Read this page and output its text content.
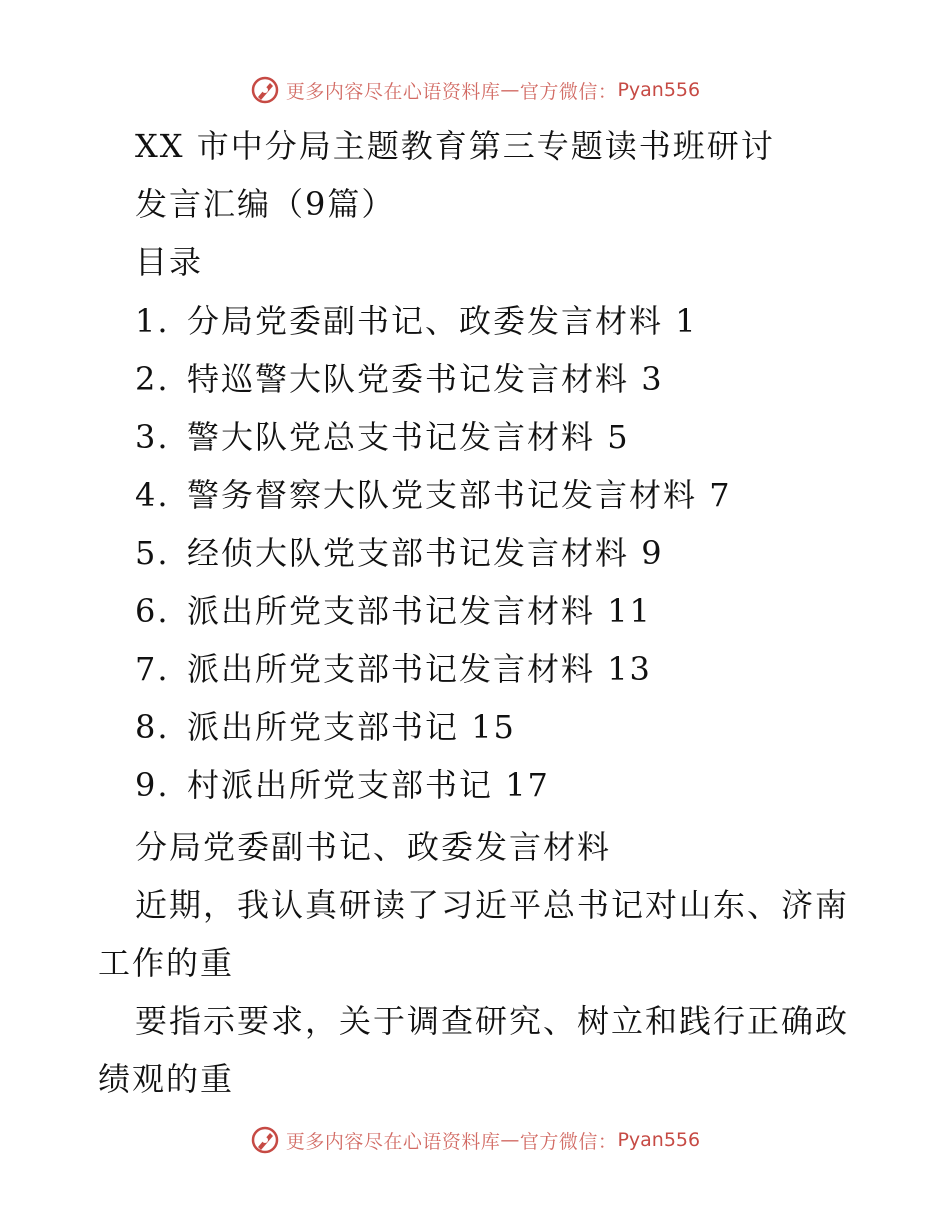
更多内容尽在心语资料库 — 官方微信： Pyan556
XX 市中分局主题教育第三专题读书班研讨
发言汇编（9篇）
目录
1. 分局党委副书记、政委发言材料 1
2. 特巡警大队党委书记发言材料 3
3. 警大队党总支书记发言材料 5
4. 警务督察大队党支部书记发言材料 7
5. 经侦大队党支部书记发言材料 9
6. 派出所党支部书记发言材料 11
7. 派出所党支部书记发言材料 13
8. 派出所党支部书记 15
9. 村派出所党支部书记 17
分局党委副书记、政委发言材料
近期，我认真研读了习近平总书记对山东、济南
工作的重
要指示要求，关于调查研究、树立和践行正确政
绩观的重
更多内容尽在心语资料库 — 官方微信： Pyan556
